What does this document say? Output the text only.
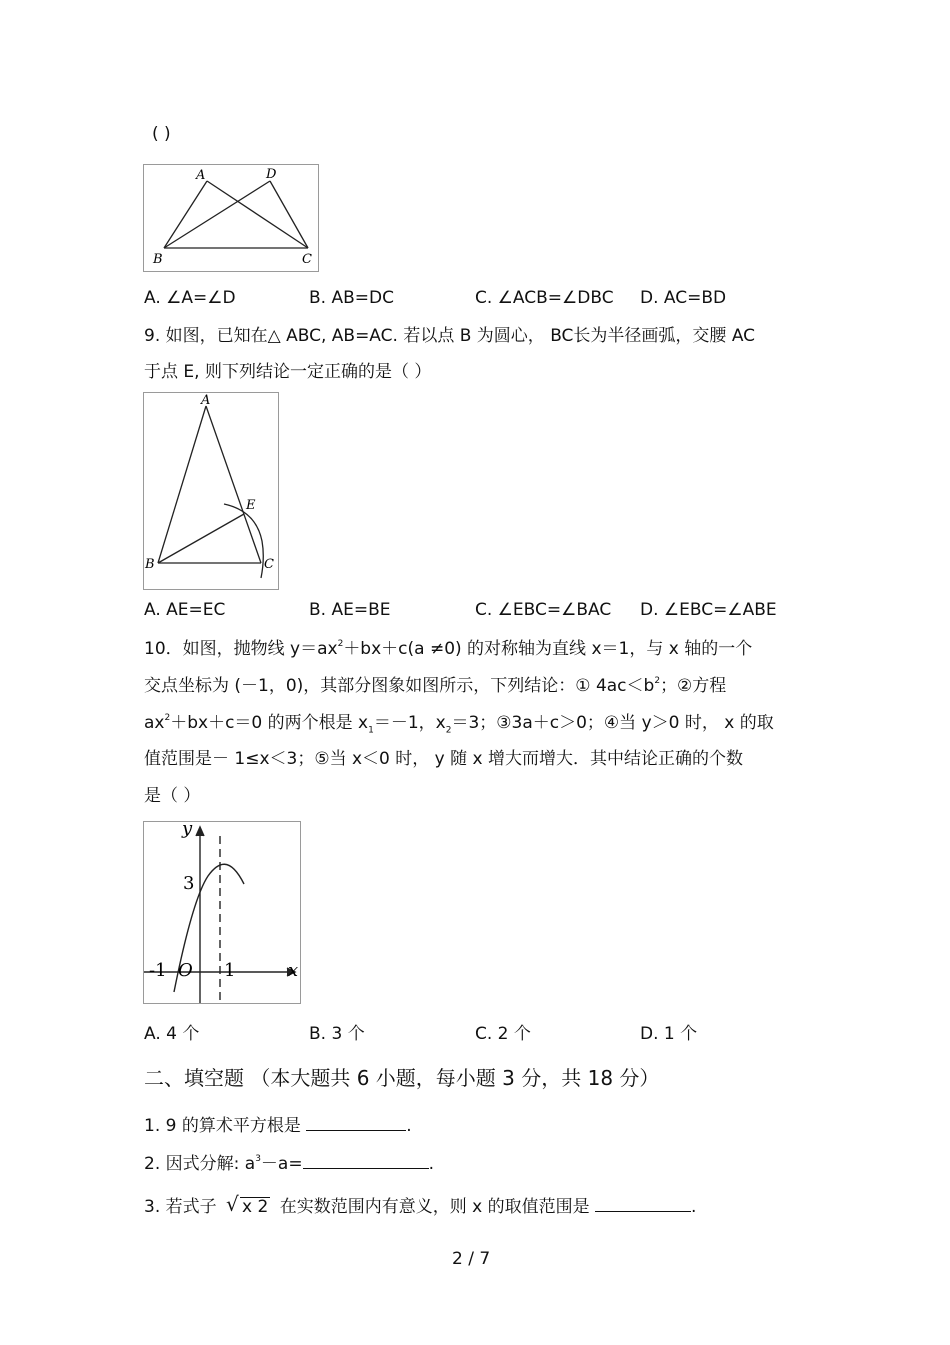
( )
A	D
B	C
A. ∠A=∠D	B. AB=DC	C. ∠ACB=∠DBC D. AC=BD
9. 如图，已知在△ ABC, AB=AC. 若以点 B 为圆心， BC长为半径画弧，交腰 AC
于点 E, 则下列结论一定正确的是（ ）
A
E
B	C
A. AE=EC	B. AE=BE	C. ∠EBC=∠BAC D. ∠EBC=∠ABE
10．如图，抛物线 $y=ax^2+bx+c(a \ne 0)$ 的对称轴为直线 x＝1，与 x 轴的一个
交点坐标为 (－1，0)，其部分图象如图所示，下列结论：① $4ac<b^2$；②方程
$ax^2+bx+c=0$ 的两个根是 $x_1=-1$，$x_2=3$；③3a＋c＞0；④当 y＞0 时， x 的取
值范围是－ 1≤x＜3；⑤当 x＜0 时， y 随 x 增大而增大．其中结论正确的个数
是（ ）
y
x
3
-1 O 1
A. 4 个	B. 3 个	C. 2 个	D. 1 个
二、填空题 （本大题共 6 小题，每小题 3 分，共 18 分）
1. 9 的算术平方根是	.
2. 因式分解: $a^3-a=$	.
3. 若式子 √ x 2 在实数范围内有意义，则 x 的取值范围是	.
2 / 7
